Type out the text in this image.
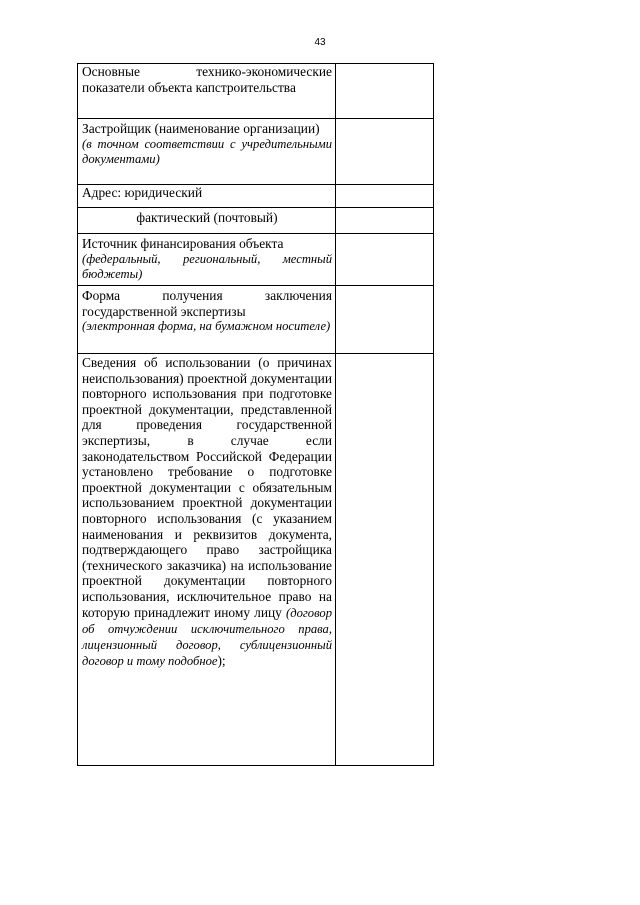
43
Основные технико-экономические показатели объекта капстроительства	

Застройщик (наименование организации)
(в точном соответствии с учредительными документами)	

Адрес: юридический	
фактический (почтовый)	

Источник финансирования объекта
(федеральный, региональный, местный бюджеты)	

Форма получения заключения государственной экспертизы
(электронная форма, на бумажном носителе)	

Сведения об использовании (о причинах неиспользования) проектной документации повторного использования при подготовке проектной документации, представленной для проведения государственной экспертизы, в случае если законодательством Российской Федерации установлено требование о подготовке проектной документации с обязательным использованием проектной документации повторного использования (с указанием наименования и реквизитов документа, подтверждающего право застройщика (технического заказчика) на использование проектной документации повторного использования, исключительное право на которую принадлежит иному лицу (договор об отчуждении исключительного права, лицензионный договор, сублицензионный договор и тому подобное);	
